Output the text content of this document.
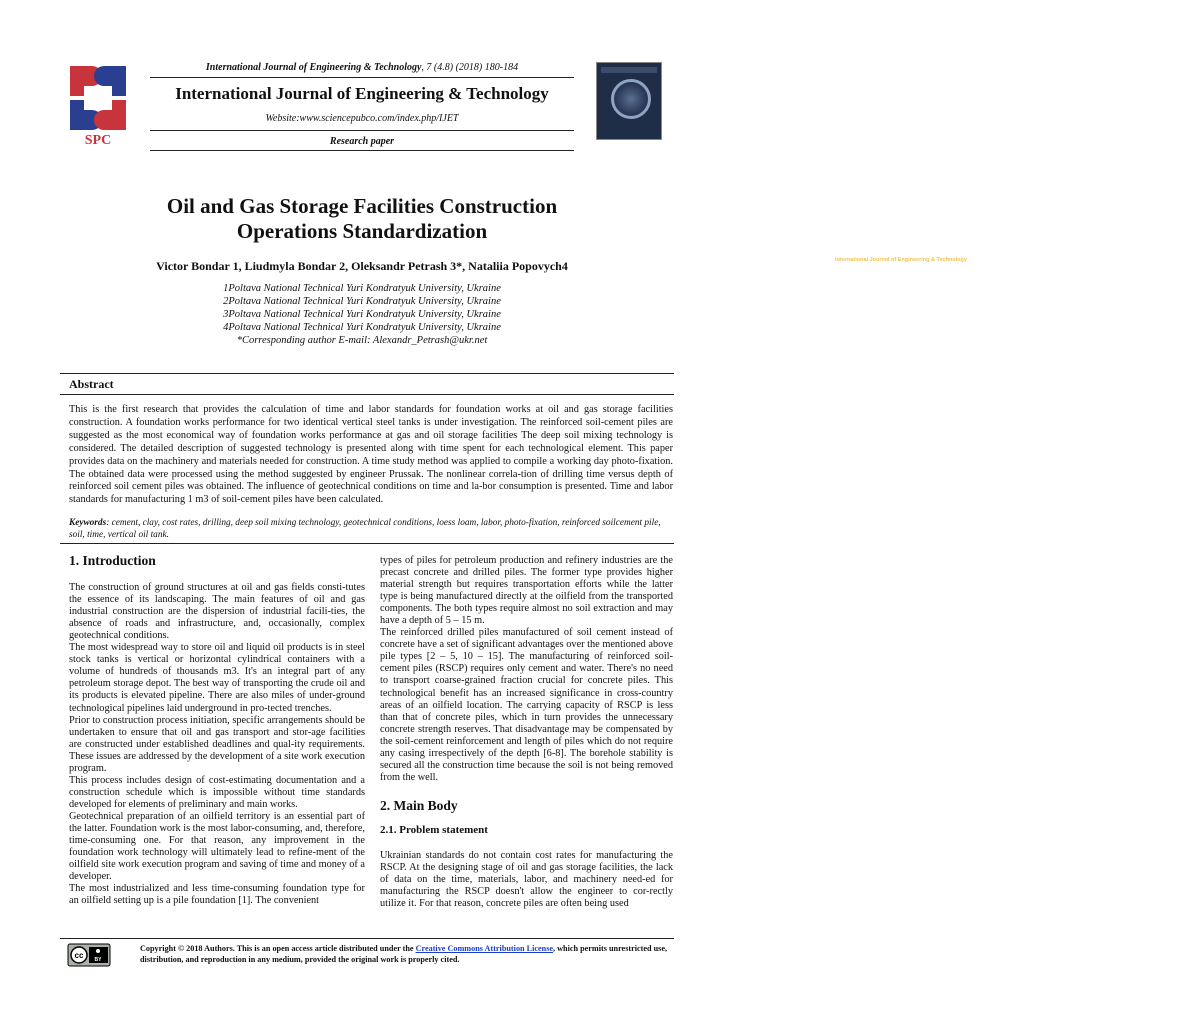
SPC
International Journal of Engineering & Technology
International Journal of Engineering & Technology, 7 (4.8) (2018) 180-184
International Journal of Engineering & Technology
Website:www.sciencepubco.com/index.php/IJET
Research paper
Oil and Gas Storage Facilities Construction
Operations Standardization
Victor Bondar 1, Liudmyla Bondar 2, Oleksandr Petrash 3*, Nataliia Popovych4
1Poltava National Technical Yuri Kondratyuk University, Ukraine
2Poltava National Technical Yuri Kondratyuk University, Ukraine
3Poltava National Technical Yuri Kondratyuk University, Ukraine
4Poltava National Technical Yuri Kondratyuk University, Ukraine
*Corresponding author E-mail: Alexandr_Petrash@ukr.net
Abstract
This is the first research that provides the calculation of time and labor standards for foundation works at oil and gas storage facilities construction. A foundation works performance for two identical vertical steel tanks is under investigation. The reinforced soil-cement piles are suggested as the most economical way of foundation works performance at gas and oil storage facilities The deep soil mixing technology is considered. The detailed description of suggested technology is presented along with time spent for each technological element. This paper provides data on the machinery and materials needed for construction. A time study method was applied to compile a working day photo-fixation. The obtained data were processed using the method suggested by engineer Prussak. The nonlinear correla-tion of drilling time versus depth of reinforced soil cement piles was obtained. The influence of geotechnical conditions on time and la-bor consumption is presented. Time and labor standards for manufacturing 1 m3 of soil-cement piles have been calculated.
Keywords: cement, clay, cost rates, drilling, deep soil mixing technology, geotechnical conditions, loess loam, labor, photo-fixation, reinforced soilcement pile, soil, time, vertical oil tank.
1. Introduction

The construction of ground structures at oil and gas fields consti-tutes the essence of its landscaping. The main features of oil and gas industrial construction are the dispersion of industrial facili-ties, the absence of roads and infrastructure, and, occasionally, complex geotechnical conditions.

The most widespread way to store oil and liquid oil products is in steel stock tanks is vertical or horizontal cylindrical containers with a volume of hundreds of thousands m3. It's an integral part of any petroleum storage depot. The best way of transporting the crude oil and its products is elevated pipeline. There are also miles of under-ground technological pipelines laid underground in pro-tected trenches.

Prior to construction process initiation, specific arrangements should be undertaken to ensure that oil and gas transport and stor-age facilities are constructed under established deadlines and qual-ity requirements. These issues are addressed by the development of a site work execution program.

This process includes design of cost-estimating documentation and a construction schedule which is impossible without time standards developed for elements of preliminary and main works.

Geotechnical preparation of an oilfield territory is an essential part of the latter. Foundation work is the most labor-consuming, and, therefore, time-consuming one. For that reason, any improvement in the foundation work technology will ultimately lead to refine-ment of the oilfield site work execution program and saving of time and money of a developer.

The most industrialized and less time-consuming foundation type for an oilfield setting up is a pile foundation [1]. The convenient

types of piles for petroleum production and refinery industries are the precast concrete and drilled piles. The former type provides higher material strength but requires transportation efforts while the latter type is being manufactured directly at the oilfield from the transported components. The both types require almost no soil extraction and may have a depth of 5 – 15 m.

The reinforced drilled piles manufactured of soil cement instead of concrete have a set of significant advantages over the mentioned above pile types [2 – 5, 10 – 15]. The manufacturing of reinforced soil-cement piles (RSCP) requires only cement and water. There's no need to transport coarse-grained fraction crucial for concrete piles. This technological benefit has an increased significance in cross-country areas of an oilfield location. The carrying capacity of RSCP is less than that of concrete piles, which in turn provides the unnecessary concrete strength reserves. That disadvantage may be compensated by the soil-cement reinforcement and length of piles which do not require any casing irrespectively of the depth [6-8]. The borehole stability is secured all the construction time because the soil is not being removed from the well.

2. Main Body
2.1. Problem statement

Ukrainian standards do not contain cost rates for manufacturing the RSCP. At the designing stage of oil and gas storage facilities, the lack of data on the time, materials, labor, and machinery need-ed for manufacturing the RSCP doesn't allow the engineer to cor-rectly utilize it. For that reason, concrete piles are often being used

cc BY
Copyright © 2018 Authors. This is an open access article distributed under the Creative Commons Attribution License, which permits unrestricted use, distribution, and reproduction in any medium, provided the original work is properly cited.
